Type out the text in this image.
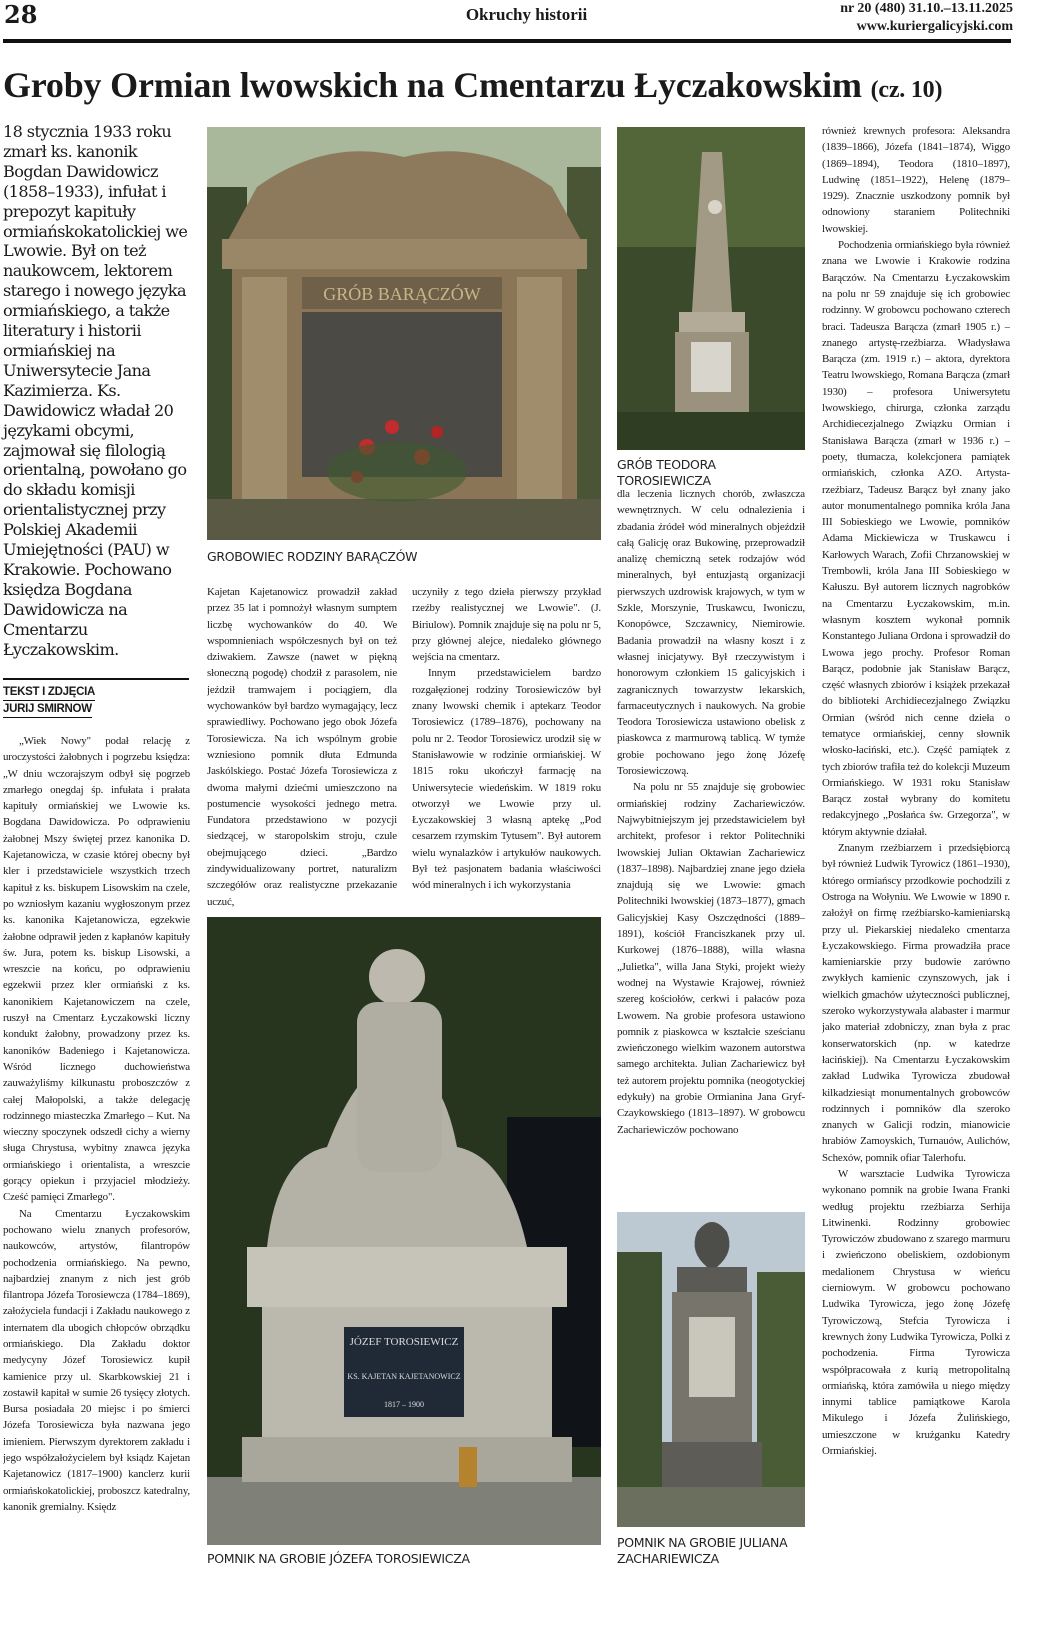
28	Okruchy historii	nr 20 (480) 31.10.–13.11.2025
www.kuriergalicyjski.com
Groby Ormian lwowskich na Cmentarzu Łyczakowskim (cz. 10)
18 stycznia 1933 roku zmarł ks. kanonik Bogdan Dawidowicz (1858–1933), infułat i prepozyt kapituły ormiańskokatolickiej we Lwowie. Był on też naukowcem, lektorem starego i nowego języka ormiańskiego, a także literatury i historii ormiańskiej na Uniwersytecie Jana Kazimierza. Ks. Dawidowicz władał 20 językami obcymi, zajmował się filologią orientalną, powołano go do składu komisji orientalistycznej przy Polskiej Akademii Umiejętności (PAU) w Krakowie. Pochowano księdza Bogdana Dawidowicza na Cmentarzu Łyczakowskim.
TEKST I ZDJĘCIA
JURIJ SMIRNOW

„Wiek Nowy" podał relację z uroczystości żałobnych i pogrzebu księdza: „W dniu wczorajszym odbył się pogrzeb zmarłego onegdaj śp. infułata i prałata kapituły ormiańskiej we Lwowie ks. Bogdana Dawidowicza. Po odprawieniu żałobnej Mszy świętej przez kanonika D. Kajetanowicza, w czasie której obecny był kler i przedstawiciele wszystkich trzech kapituł z ks. biskupem Lisowskim na czele, po wzniosłym kazaniu wygłoszonym przez ks. kanonika Kajetanowicza, egzekwie żałobne odprawił jeden z kapłanów kapituły św. Jura, potem ks. biskup Lisowski, a wreszcie na końcu, po odprawieniu egzekwii przez kler ormiański z ks. kanonikiem Kajetanowiczem na czele, ruszył na Cmentarz Łyczakowski liczny kondukt żałobny, prowadzony przez ks. kanoników Badeniego i Kajetanowicza. Wśród licznego duchowieństwa zauważyliśmy kilkunastu proboszczów z całej Małopolski, a także delegację rodzinnego miasteczka Zmarłego – Kut. Na wieczny spoczynek odszedł cichy a wierny sługa Chrystusa, wybitny znawca języka ormiańskiego i orientalista, a wreszcie gorący opiekun i przyjaciel młodzieży. Cześć pamięci Zmarłego".

Na Cmentarzu Łyczakowskim pochowano wielu znanych profesorów, naukowców, artystów, filantropów pochodzenia ormiańskiego. Na pewno, najbardziej znanym z nich jest grób filantropa Józefa Torosiewcza (1784–1869), założyciela fundacji i Zakładu naukowego z internatem dla ubogich chłopców obrządku ormiańskiego. Dla Zakładu doktor medycyny Józef Torosiewicz kupił kamienice przy ul. Skarbkowskiej 21 i zostawił kapitał w sumie 26 tysięcy złotych. Bursa posiadała 20 miejsc i po śmierci Józefa Torosiewicza była nazwana jego imieniem. Pierwszym dyrektorem zakładu i jego współzałożycielem był ksiądz Kajetan Kajetanowicz (1817–1900) kanclerz kurii ormiańskokatolickiej, proboszcz katedralny, kanonik gremialny. Księdz

GRÓB BARĄCZÓW
GROBOWIEC RODZINY BARĄCZÓW

Kajetan Kajetanowicz prowadził zakład przez 35 lat i pomnożył własnym sumptem liczbę wychowanków do 40. We wspomnieniach współczesnych był on też dziwakiem. Zawsze (nawet w piękną słoneczną pogodę) chodził z parasolem, nie jeździł tramwajem i pociągiem, dla wychowanków był bardzo wymagający, lecz sprawiedliwy. Pochowano jego obok Józefa Torosiewicza. Na ich wspólnym grobie wzniesiono pomnik dłuta Edmunda Jaskólskiego. Postać Józefa Torosiewicza z dwoma małymi dziećmi umieszczono na postumencie wysokości jednego metra. Fundatora przedstawiono w pozycji siedzącej, w staropolskim stroju, czule obejmującego dzieci. „Bardzo zindywidualizowany portret, naturalizm szczegółów oraz realistyczne przekazanie uczuć,

uczyniły z tego dzieła pierwszy przykład rzeźby realistycznej we Lwowie". (J. Biriulow). Pomnik znajduje się na polu nr 5, przy głównej alejce, niedaleko głównego wejścia na cmentarz.

Innym przedstawicielem bardzo rozgałęzionej rodziny Torosiewiczów był znany lwowski chemik i aptekarz Teodor Torosiewicz (1789–1876), pochowany na polu nr 2. Teodor Torosiewicz urodził się w Stanisławowie w rodzinie ormiańskiej. W 1815 roku ukończył farmację na Uniwersytecie wiedeńskim. W 1819 roku otworzył we Lwowie przy ul. Łyczakowskiej 3 własną aptekę „Pod cesarzem rzymskim Tytusem". Był autorem wielu wynalazków i artykułów naukowych. Był też pasjonatem badania właściwości wód mineralnych i ich wykorzystania

JÓZEF TOROSIEWICZ
KS. KAJETAN KAJETANOWICZ
1817 – 1900
POMNIK NA GROBIE JÓZEFA TOROSIEWICZA
GRÓB TEODORA TOROSIEWICZA

dla leczenia licznych chorób, zwłaszcza wewnętrznych. W celu odnalezienia i zbadania źródeł wód mineralnych objeździł całą Galicję oraz Bukowinę, przeprowadził analizę chemiczną setek rodzajów wód mineralnych, był entuzjastą organizacji pierwszych uzdrowisk krajowych, w tym w Szkle, Morszynie, Truskawcu, Iwoniczu, Konopówce, Szczawnicy, Niemirowie. Badania prowadził na własny koszt i z własnej inicjatywy. Był rzeczywistym i honorowym członkiem 15 galicyjskich i zagranicznych towarzystw lekarskich, farmaceutycznych i naukowych. Na grobie Teodora Torosiewicza ustawiono obelisk z piaskowca z marmurową tablicą. W tymże grobie pochowano jego żonę Józefę Torosiewiczową.

Na polu nr 55 znajduje się grobowiec ormiańskiej rodziny Zachariewiczów. Najwybitniejszym jej przedstawicielem był architekt, profesor i rektor Politechniki lwowskiej Julian Oktawian Zachariewicz (1837–1898). Najbardziej znane jego dzieła znajdują się we Lwowie: gmach Politechniki lwowskiej (1873–1877), gmach Galicyjskiej Kasy Oszczędności (1889–1891), kościół Franciszkanek przy ul. Kurkowej (1876–1888), willa własna „Julietka", willa Jana Styki, projekt wieży wodnej na Wystawie Krajowej, również szereg kościołów, cerkwi i pałaców poza Lwowem. Na grobie profesora ustawiono pomnik z piaskowca w kształcie sześcianu zwieńczonego wielkim wazonem autorstwa samego architekta. Julian Zachariewicz był też autorem projektu pomnika (neogotyckiej edykuły) na grobie Ormianina Jana Gryf-Czaykowskiego (1813–1897). W grobowcu Zachariewiczów pochowano

POMNIK NA GROBIE JULIANA ZACHARIEWICZA

również krewnych profesora: Aleksandra (1839–1866), Józefa (1841–1874), Wiggo (1869–1894), Teodora (1810–1897), Ludwinę (1851–1922), Helenę (1879–1929). Znacznie uszkodzony pomnik był odnowiony staraniem Politechniki lwowskiej.

Pochodzenia ormiańskiego była również znana we Lwowie i Krakowie rodzina Barączów. Na Cmentarzu Łyczakowskim na polu nr 59 znajduje się ich grobowiec rodzinny. W grobowcu pochowano czterech braci. Tadeusza Barącza (zmarł 1905 r.) – znanego artystę-rzeźbiarza. Władysława Barącza (zm. 1919 r.) – aktora, dyrektora Teatru lwowskiego, Romana Barącza (zmarł 1930) – profesora Uniwersytetu lwowskiego, chirurga, członka zarządu Archidiecezjalnego Związku Ormian i Stanisława Barącza (zmarł w 1936 r.) – poety, tłumacza, kolekcjonera pamiątek ormiańskich, członka AZO. Artysta-rzeźbiarz, Tadeusz Barącz był znany jako autor monumentalnego pomnika króla Jana III Sobieskiego we Lwowie, pomników Adama Mickiewicza w Truskawcu i Karłowych Warach, Zofii Chrzanowskiej w Trembowli, króla Jana III Sobieskiego w Kałuszu. Był autorem licznych nagrobków na Cmentarzu Łyczakowskim, m.in. własnym kosztem wykonał pomnik Konstantego Juliana Ordona i sprowadził do Lwowa jego prochy. Profesor Roman Barącz, podobnie jak Stanisław Barącz, część własnych zbiorów i książek przekazał do biblioteki Archidiecezjalnego Związku Ormian (wśród nich cenne dzieła o tematyce ormiańskiej, cenny słownik włosko-łaciński, etc.). Część pamiątek z tych zbiorów trafiła też do kolekcji Muzeum Ormiańskiego. W 1931 roku Stanisław Barącz został wybrany do komitetu redakcyjnego „Posłańca św. Grzegorza", w którym aktywnie działał.

Znanym rzeźbiarzem i przedsiębiorcą był również Ludwik Tyrowicz (1861–1930), którego ormiańscy przodkowie pochodzili z Ostroga na Wołyniu. We Lwowie w 1890 r. założył on firmę rzeźbiarsko-kamieniarską przy ul. Piekarskiej niedaleko cmentarza Łyczakowskiego. Firma prowadziła prace kamieniarskie przy budowie zarówno zwykłych kamienic czynszowych, jak i wielkich gmachów użyteczności publicznej, szeroko wykorzystywała alabaster i marmur jako materiał zdobniczy, znan była z prac konserwatorskich (np. w katedrze łacińskiej). Na Cmentarzu Łyczakowskim zakład Ludwika Tyrowicza zbudował kilkadziesiąt monumentalnych grobowców rodzinnych i pomników dla szeroko znanych w Galicji rodzin, mianowicie hrabiów Zamoyskich, Turnauów, Aulichów, Schexów, pomnik ofiar Talerhofu.

W warsztacie Ludwika Tyrowicza wykonano pomnik na grobie Iwana Franki według projektu rzeźbiarza Serhija Litwinenki. Rodzinny grobowiec Tyrowiczów zbudowano z szarego marmuru i zwieńczono obeliskiem, ozdobionym medalionem Chrystusa w wieńcu cierniowym. W grobowcu pochowano Ludwika Tyrowicza, jego żonę Józefę Tyrowiczową, Stefcia Tyrowicza i krewnych żony Ludwika Tyrowicza, Polki z pochodzenia. Firma Tyrowicza współpracowała z kurią metropolitalną ormiańską, która zamówiła u niego między innymi tablice pamiątkowe Karola Mikulego i Józefa Żulińskiego, umieszczone w krużganku Katedry Ormiańskiej.
